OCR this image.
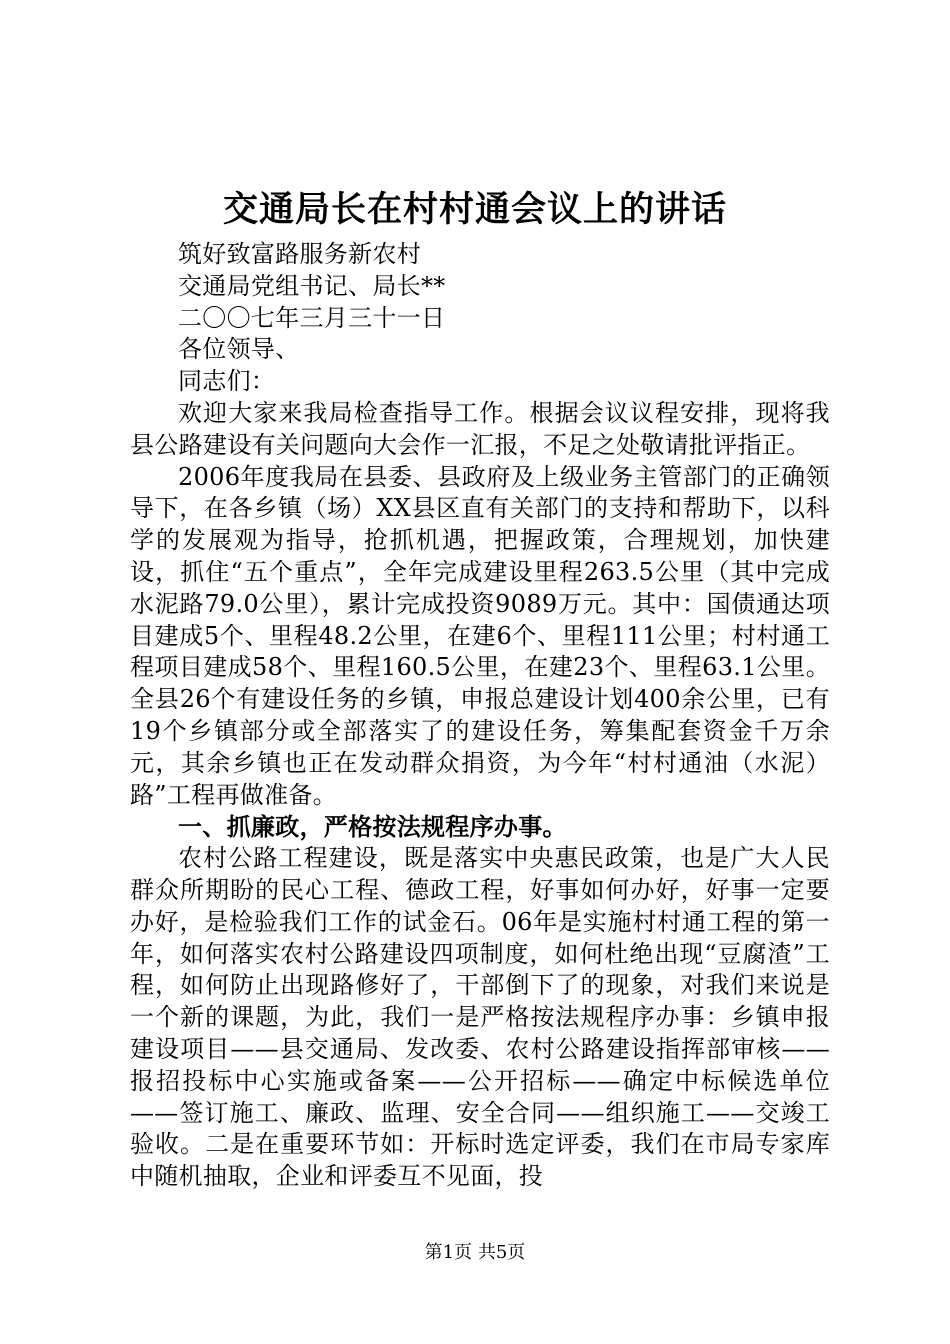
交通局长在村村通会议上的讲话

筑好致富路服务新农村

交通局党组书记、局长**

二〇〇七年三月三十一日

各位领导、

同志们：

欢迎大家来我局检查指导工作。根据会议议程安排，现将我县公路建设有关问题向大会作一汇报，不足之处敬请批评指正。

2006年度我局在县委、县政府及上级业务主管部门的正确领导下，在各乡镇（场）XX县区直有关部门的支持和帮助下，以科学的发展观为指导，抢抓机遇，把握政策，合理规划，加快建设，抓住“五个重点”，全年完成建设里程263.5公里（其中完成水泥路79.0公里），累计完成投资9089万元。其中：国债通达项目建成5个、里程48.2公里，在建6个、里程111公里；村村通工程项目建成58个、里程160.5公里，在建23个、里程63.1公里。全县26个有建设任务的乡镇，申报总建设计划400余公里，已有19个乡镇部分或全部落实了的建设任务，筹集配套资金千万余元，其余乡镇也正在发动群众捐资，为今年“村村通油（水泥）路”工程再做准备。

一、抓廉政，严格按法规程序办事。

农村公路工程建设，既是落实中央惠民政策，也是广大人民群众所期盼的民心工程、德政工程，好事如何办好，好事一定要办好，是检验我们工作的试金石。06年是实施村村通工程的第一年，如何落实农村公路建设四项制度，如何杜绝出现“豆腐渣”工程，如何防止出现路修好了，干部倒下了的现象，对我们来说是一个新的课题，为此，我们一是严格按法规程序办事：乡镇申报建设项目——县交通局、发改委、农村公路建设指挥部审核——报招投标中心实施或备案——公开招标——确定中标候选单位——签订施工、廉政、监理、安全合同——组织施工——交竣工验收。二是在重要环节如：开标时选定评委，我们在市局专家库中随机抽取，企业和评委互不见面，投

第1页 共5页
